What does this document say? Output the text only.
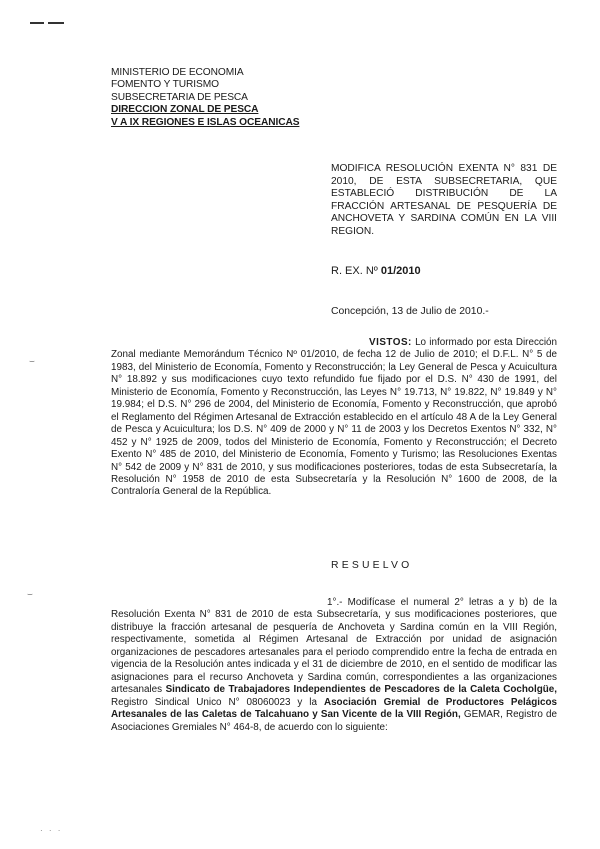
MINISTERIO DE ECONOMIA
FOMENTO Y TURISMO
SUBSECRETARIA DE PESCA
DIRECCION ZONAL DE PESCA
V A IX REGIONES E ISLAS OCEANICAS
MODIFICA RESOLUCIÓN EXENTA N° 831 DE 2010, DE ESTA SUBSECRETARIA, QUE ESTABLECIÓ DISTRIBUCIÓN DE LA FRACCIÓN ARTESANAL DE PESQUERÍA DE ANCHOVETA Y SARDINA COMÚN EN LA VIII REGION.
R. EX. Nº 01/2010
Concepción, 13 de Julio de 2010.-
VISTOS: Lo informado por esta Dirección Zonal mediante Memorándum Técnico Nº 01/2010, de fecha 12 de Julio de 2010; el D.F.L. N° 5 de 1983, del Ministerio de Economía, Fomento y Reconstrucción; la Ley General de Pesca y Acuicultura N° 18.892 y sus modificaciones cuyo texto refundido fue fijado por el D.S. N° 430 de 1991, del Ministerio de Economía, Fomento y Reconstrucción, las Leyes N° 19.713, N° 19.822, N° 19.849 y N° 19.984; el D.S. N° 296 de 2004, del Ministerio de Economía, Fomento y Reconstrucción, que aprobó el Reglamento del Régimen Artesanal de Extracción establecido en el artículo 48 A de la Ley General de Pesca y Acuicultura; los D.S. N° 409 de 2000 y N° 11 de 2003 y los Decretos Exentos N° 332, N° 452 y N° 1925 de 2009, todos del Ministerio de Economía, Fomento y Reconstrucción; el Decreto Exento N° 485 de 2010, del Ministerio de Economía, Fomento y Turismo; las Resoluciones Exentas N° 542 de 2009 y N° 831 de 2010, y sus modificaciones posteriores, todas de esta Subsecretaría, la Resolución N° 1958 de 2010 de esta Subsecretaría y la Resolución N° 1600 de 2008, de la Contraloría General de la República.
RESUELVO
1°.- Modifícase el numeral 2° letras a y b) de la Resolución Exenta N° 831 de 2010 de esta Subsecretaría, y sus modificaciones posteriores, que distribuye la fracción artesanal de pesquería de Anchoveta y Sardina común en la VIII Región, respectivamente, sometida al Régimen Artesanal de Extracción por unidad de asignación organizaciones de pescadores artesanales para el periodo comprendido entre la fecha de entrada en vigencia de la Resolución antes indicada y el 31 de diciembre de 2010, en el sentido de modificar las asignaciones para el recurso Anchoveta y Sardina común, correspondientes a las organizaciones artesanales Sindicato de Trabajadores Independientes de Pescadores de la Caleta Cocholgüe, Registro Sindical Unico N° 08060023 y la Asociación Gremial de Productores Pelágicos Artesanales de las Caletas de Talcahuano y San Vicente de la VIII Región, GEMAR, Registro de Asociaciones Gremiales N° 464-8, de acuerdo con lo siguiente:
⌣
⌣
· · ·
